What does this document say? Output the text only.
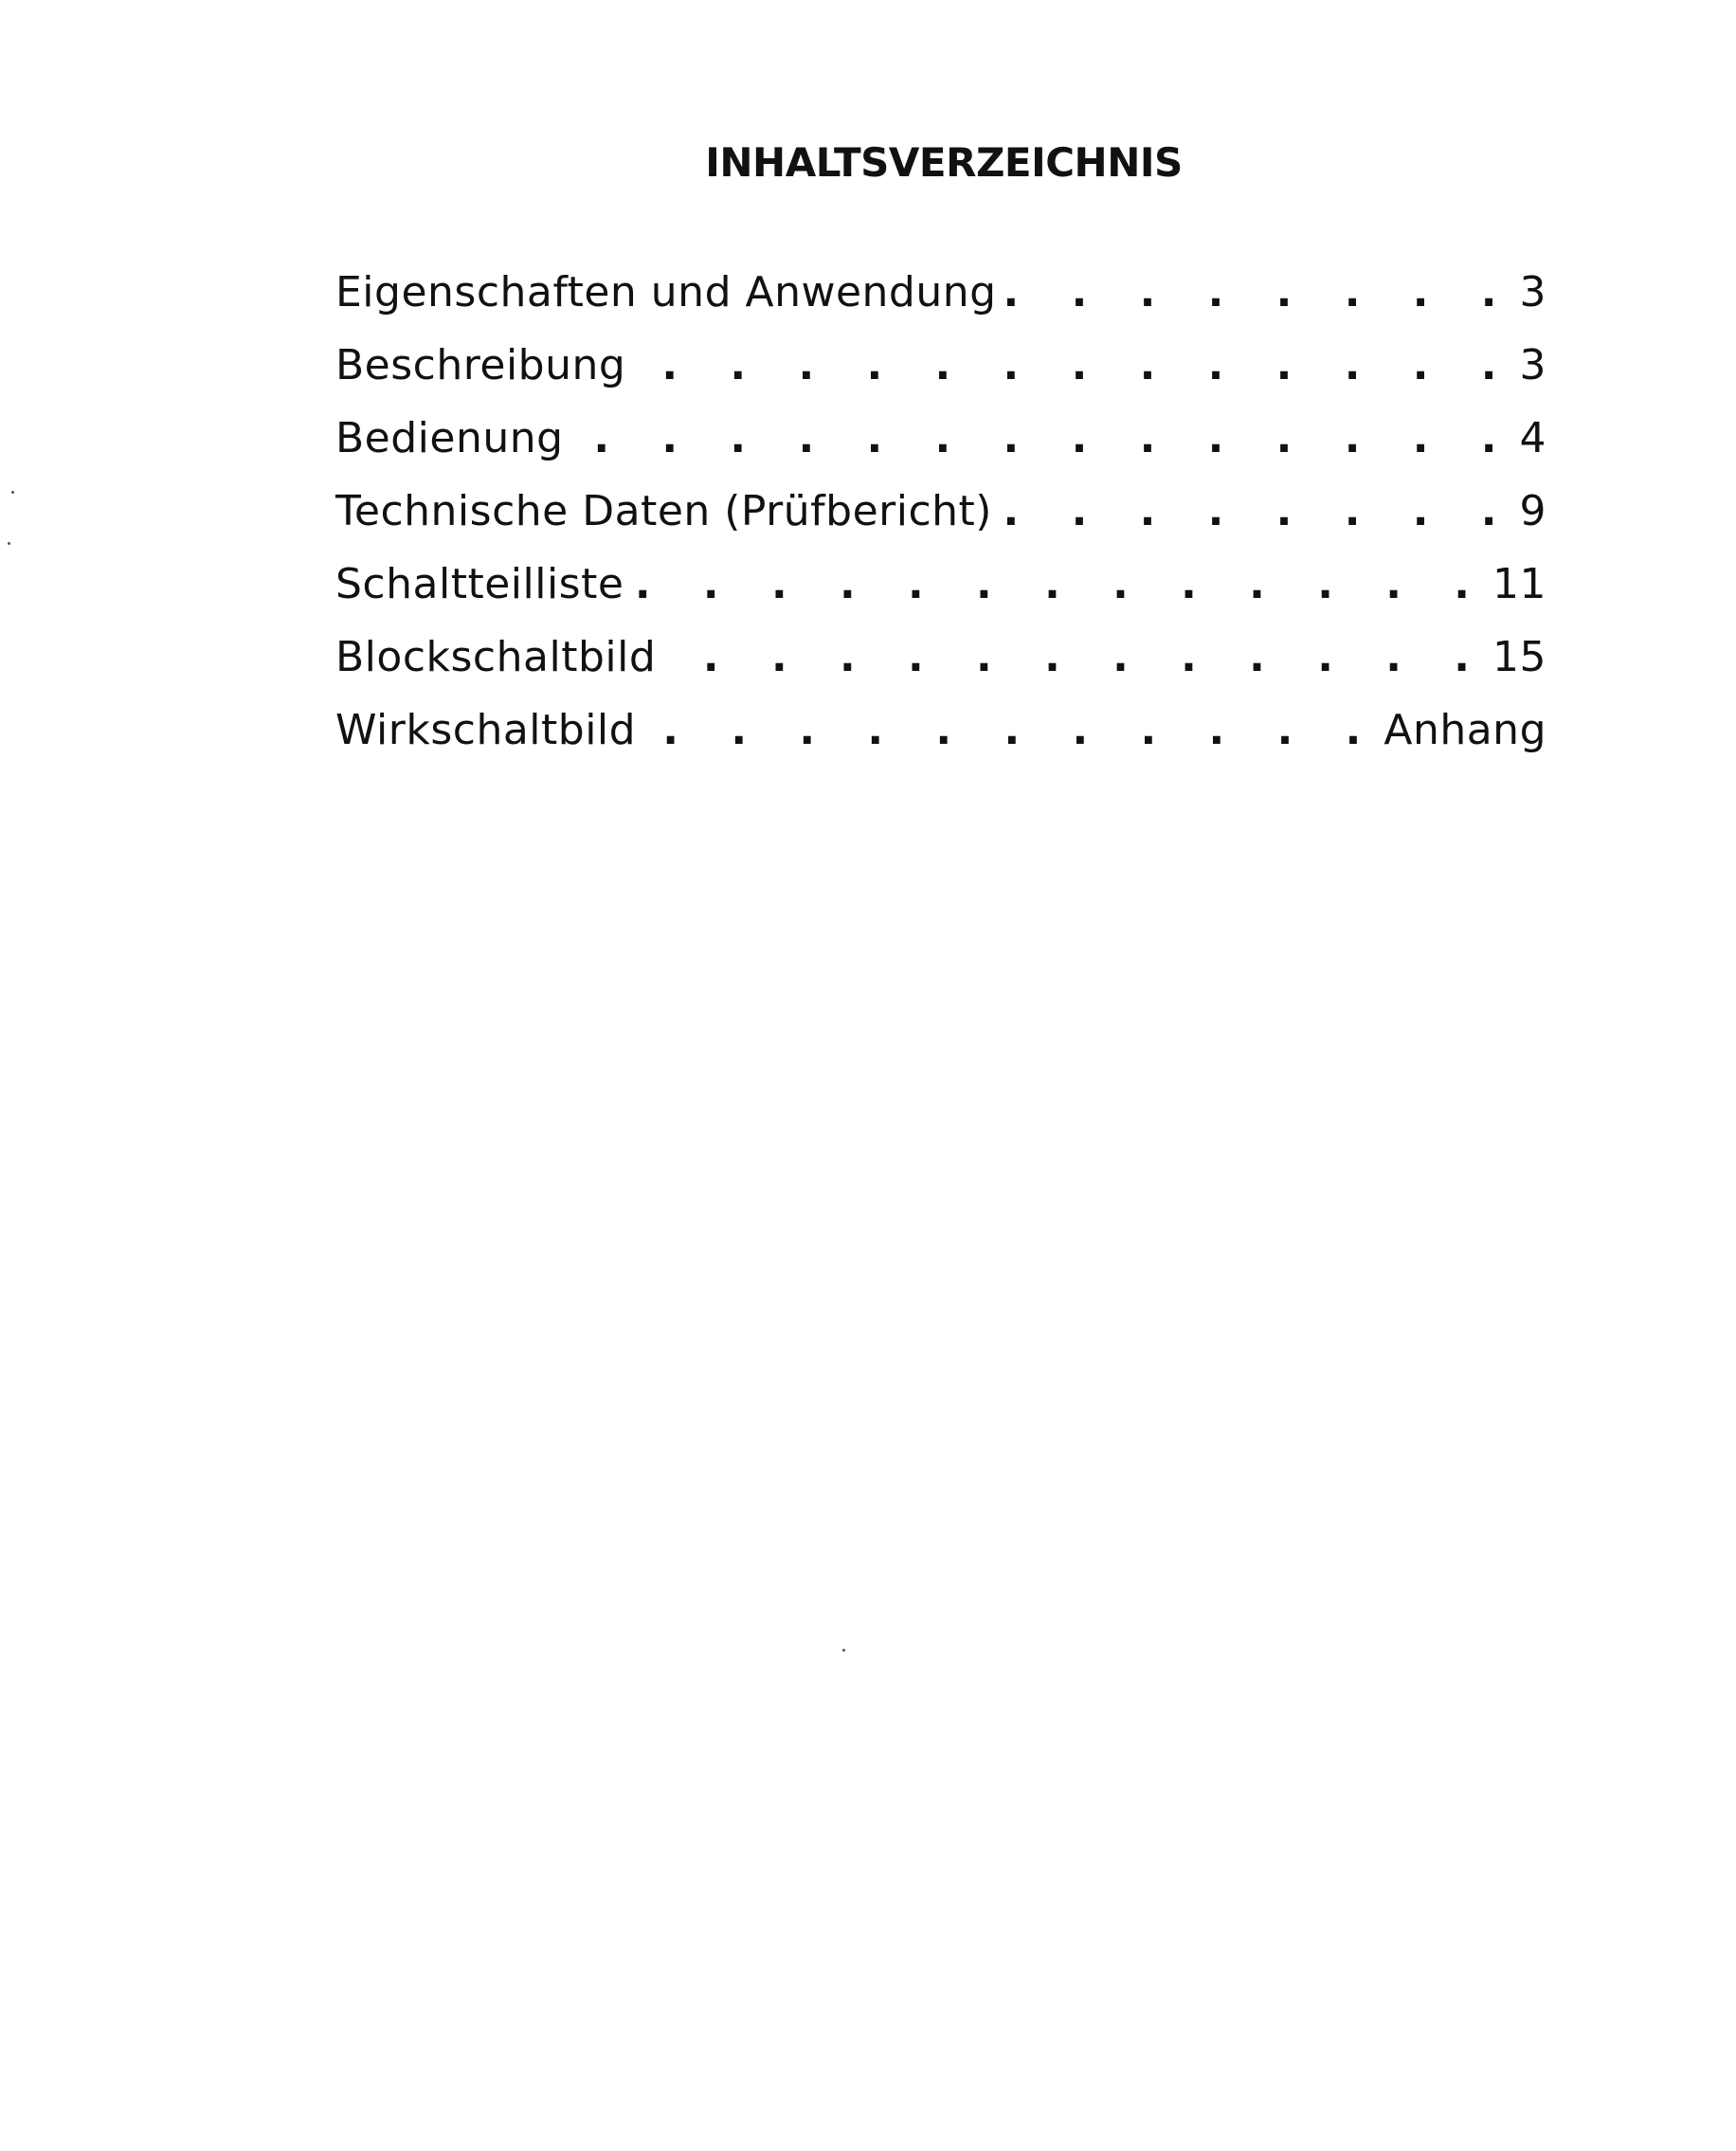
INHALTSVERZEICHNIS
Eigenschaften und Anwendung . . .	3
Beschreibung . . .	3
Bedienung . . .	4
Technische Daten (Prüfbericht) . . .	9
Schaltteilliste . . .	11
Blockschaltbild . . .	15
Wirkschaltbild . . .	Anhang
